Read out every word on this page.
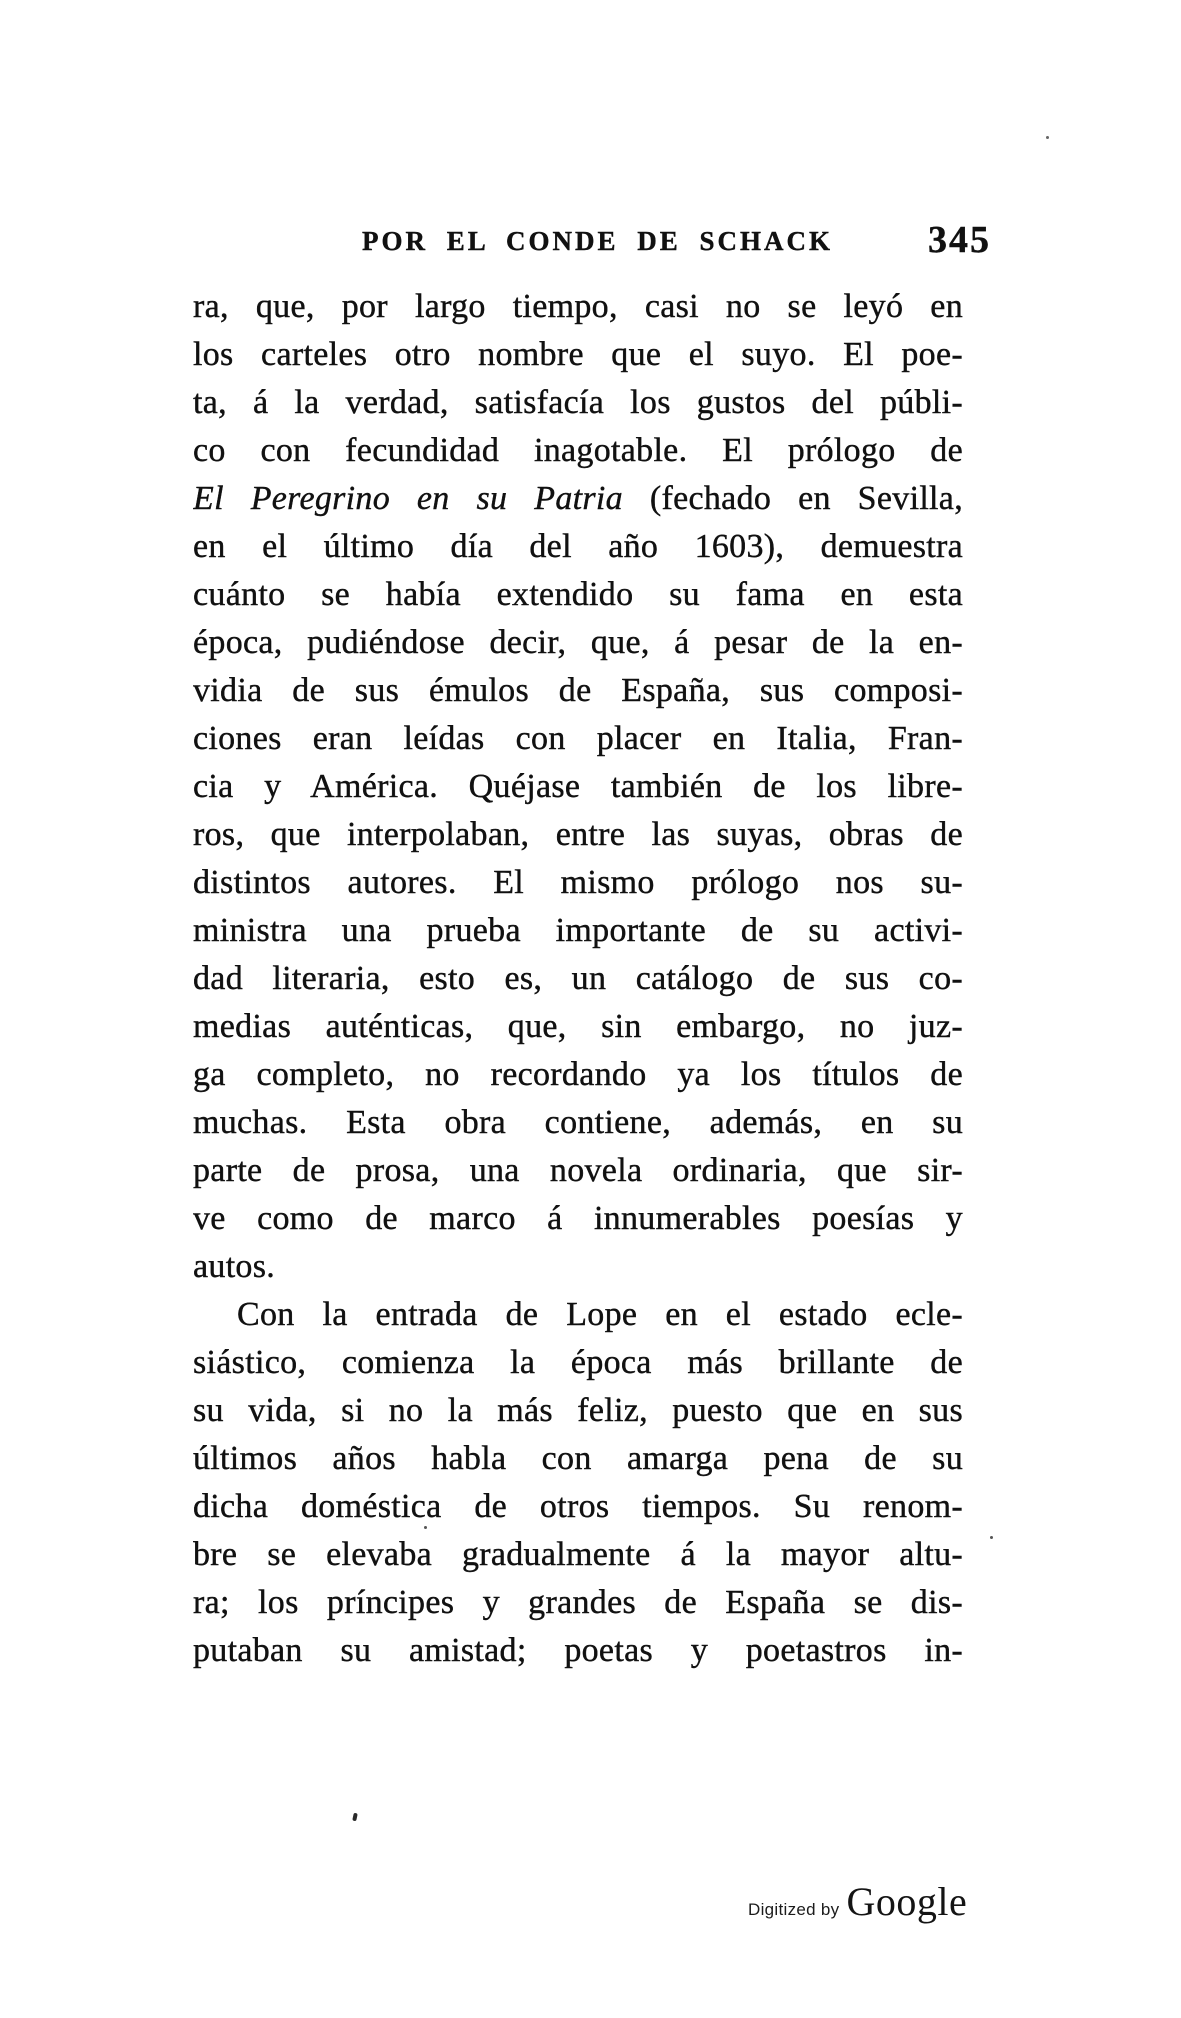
POR EL CONDE DE SCHACK 345
ra, que, por largo tiempo, casi no se leyó en
los carteles otro nombre que el suyo. El poe-
ta, á la verdad, satisfacía los gustos del públi-
co con fecundidad inagotable. El prólogo de
El Peregrino en su Patria (fechado en Sevilla,
en el último día del año 1603), demuestra
cuánto se había extendido su fama en esta
época, pudiéndose decir, que, á pesar de la en-
vidia de sus émulos de España, sus composi-
ciones eran leídas con placer en Italia, Fran-
cia y América. Quéjase también de los libre-
ros, que interpolaban, entre las suyas, obras de
distintos autores. El mismo prólogo nos su-
ministra una prueba importante de su activi-
dad literaria, esto es, un catálogo de sus co-
medias auténticas, que, sin embargo, no juz-
ga completo, no recordando ya los títulos de
muchas. Esta obra contiene, además, en su
parte de prosa, una novela ordinaria, que sir-
ve como de marco á innumerables poesías y
autos.
Con la entrada de Lope en el estado ecle-
siástico, comienza la época más brillante de
su vida, si no la más feliz, puesto que en sus
últimos años habla con amarga pena de su
dicha doméstica de otros tiempos. Su renom-
bre se elevaba gradualmente á la mayor altu-
ra; los príncipes y grandes de España se dis-
putaban su amistad; poetas y poetastros in-
Digitized by Google
